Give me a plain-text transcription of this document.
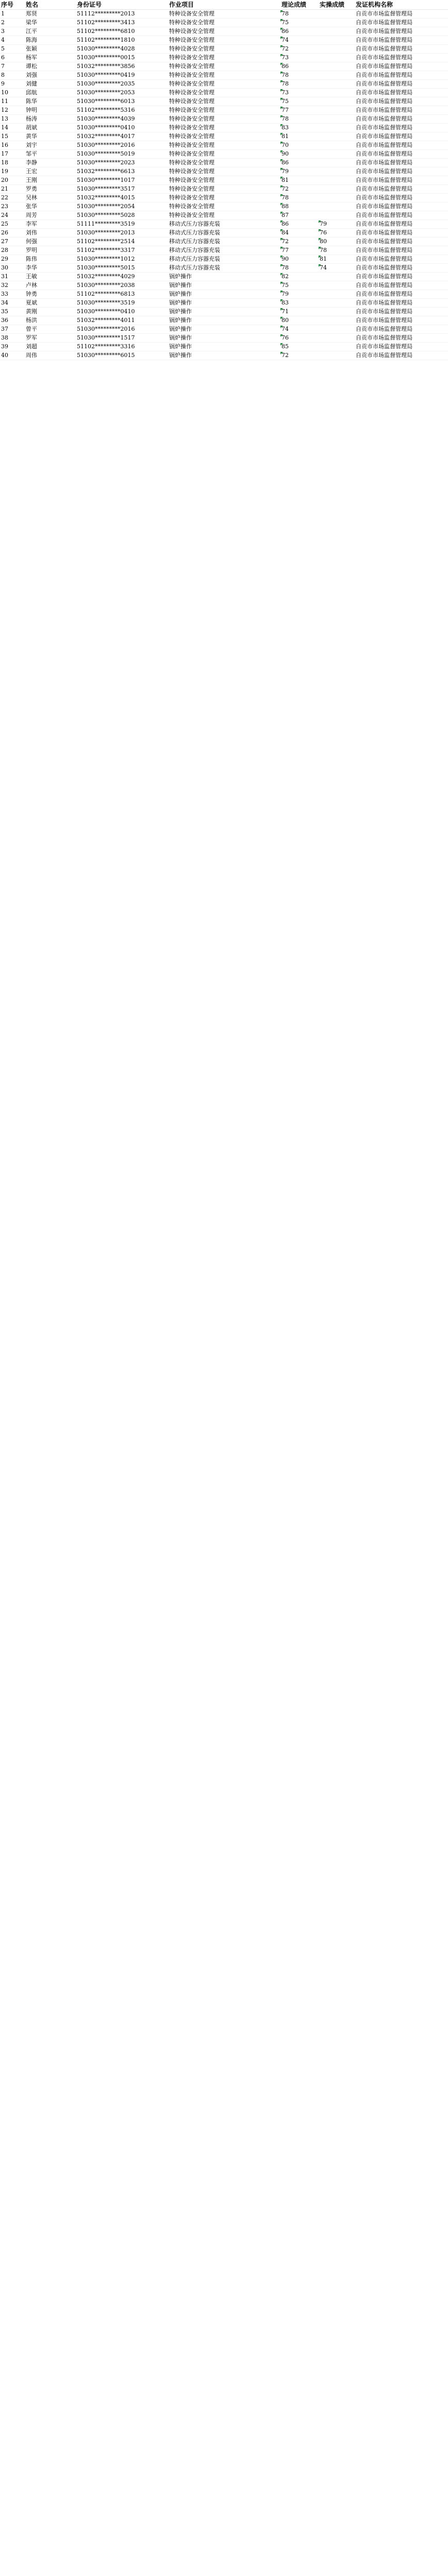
序号	姓名	身份证号	作业项目	理论成绩	实操成绩	发证机构名称
1	郑贤	51112*********2013	特种设备安全管理	78		自贡市市场监督管理局
2	梁华	51102*********3413	特种设备安全管理	75		自贡市市场监督管理局
3	江平	51102*********6810	特种设备安全管理	86		自贡市市场监督管理局
4	陈海	51102*********1810	特种设备安全管理	74		自贡市市场监督管理局
5	张颖	51030*********4028	特种设备安全管理	72		自贡市市场监督管理局
6	杨军	51030*********0015	特种设备安全管理	73		自贡市市场监督管理局
7	谭松	51032*********3856	特种设备安全管理	86		自贡市市场监督管理局
8	刘强	51030*********0419	特种设备安全管理	78		自贡市市场监督管理局
9	刘健	51030*********2035	特种设备安全管理	78		自贡市市场监督管理局
10	邱航	51030*********2053	特种设备安全管理	73		自贡市市场监督管理局
11	陈华	51030*********6013	特种设备安全管理	75		自贡市市场监督管理局
12	钟明	51102*********5316	特种设备安全管理	77		自贡市市场监督管理局
13	杨涛	51030*********4039	特种设备安全管理	78		自贡市市场监督管理局
14	胡斌	51030*********0410	特种设备安全管理	83		自贡市市场监督管理局
15	黄华	51032*********4017	特种设备安全管理	81		自贡市市场监督管理局
16	刘宇	51030*********2016	特种设备安全管理	70		自贡市市场监督管理局
17	邹平	51030*********5019	特种设备安全管理	90		自贡市市场监督管理局
18	李静	51030*********2023	特种设备安全管理	86		自贡市市场监督管理局
19	王宏	51032*********6613	特种设备安全管理	79		自贡市市场监督管理局
20	王刚	51030*********1017	特种设备安全管理	81		自贡市市场监督管理局
21	罗勇	51030*********3517	特种设备安全管理	72		自贡市市场监督管理局
22	吴林	51032*********4015	特种设备安全管理	78		自贡市市场监督管理局
23	张华	51030*********2054	特种设备安全管理	88		自贡市市场监督管理局
24	周芳	51030*********5028	特种设备安全管理	87		自贡市市场监督管理局
25	李军	51111*********3519	移动式压力容器充装	86	79	自贡市市场监督管理局
26	刘伟	51030*********2013	移动式压力容器充装	84	76	自贡市市场监督管理局
27	何强	51102*********2514	移动式压力容器充装	72	80	自贡市市场监督管理局
28	罗明	51102*********3317	移动式压力容器充装	77	78	自贡市市场监督管理局
29	陈伟	51030*********1012	移动式压力容器充装	90	81	自贡市市场监督管理局
30	李华	51030*********5015	移动式压力容器充装	78	74	自贡市市场监督管理局
31	王敏	51032*********4029	锅炉操作	82		自贡市市场监督管理局
32	卢林	51030*********2038	锅炉操作	75		自贡市市场监督管理局
33	钟勇	51102*********6813	锅炉操作	79		自贡市市场监督管理局
34	夏斌	51030*********3519	锅炉操作	83		自贡市市场监督管理局
35	黄刚	51030*********0410	锅炉操作	71		自贡市市场监督管理局
36	杨洪	51032*********4011	锅炉操作	80		自贡市市场监督管理局
37	曾平	51030*********2016	锅炉操作	74		自贡市市场监督管理局
38	罗军	51030*********1517	锅炉操作	76		自贡市市场监督管理局
39	刘超	51102*********3316	锅炉操作	85		自贡市市场监督管理局
40	周伟	51030*********6015	锅炉操作	72		自贡市市场监督管理局
